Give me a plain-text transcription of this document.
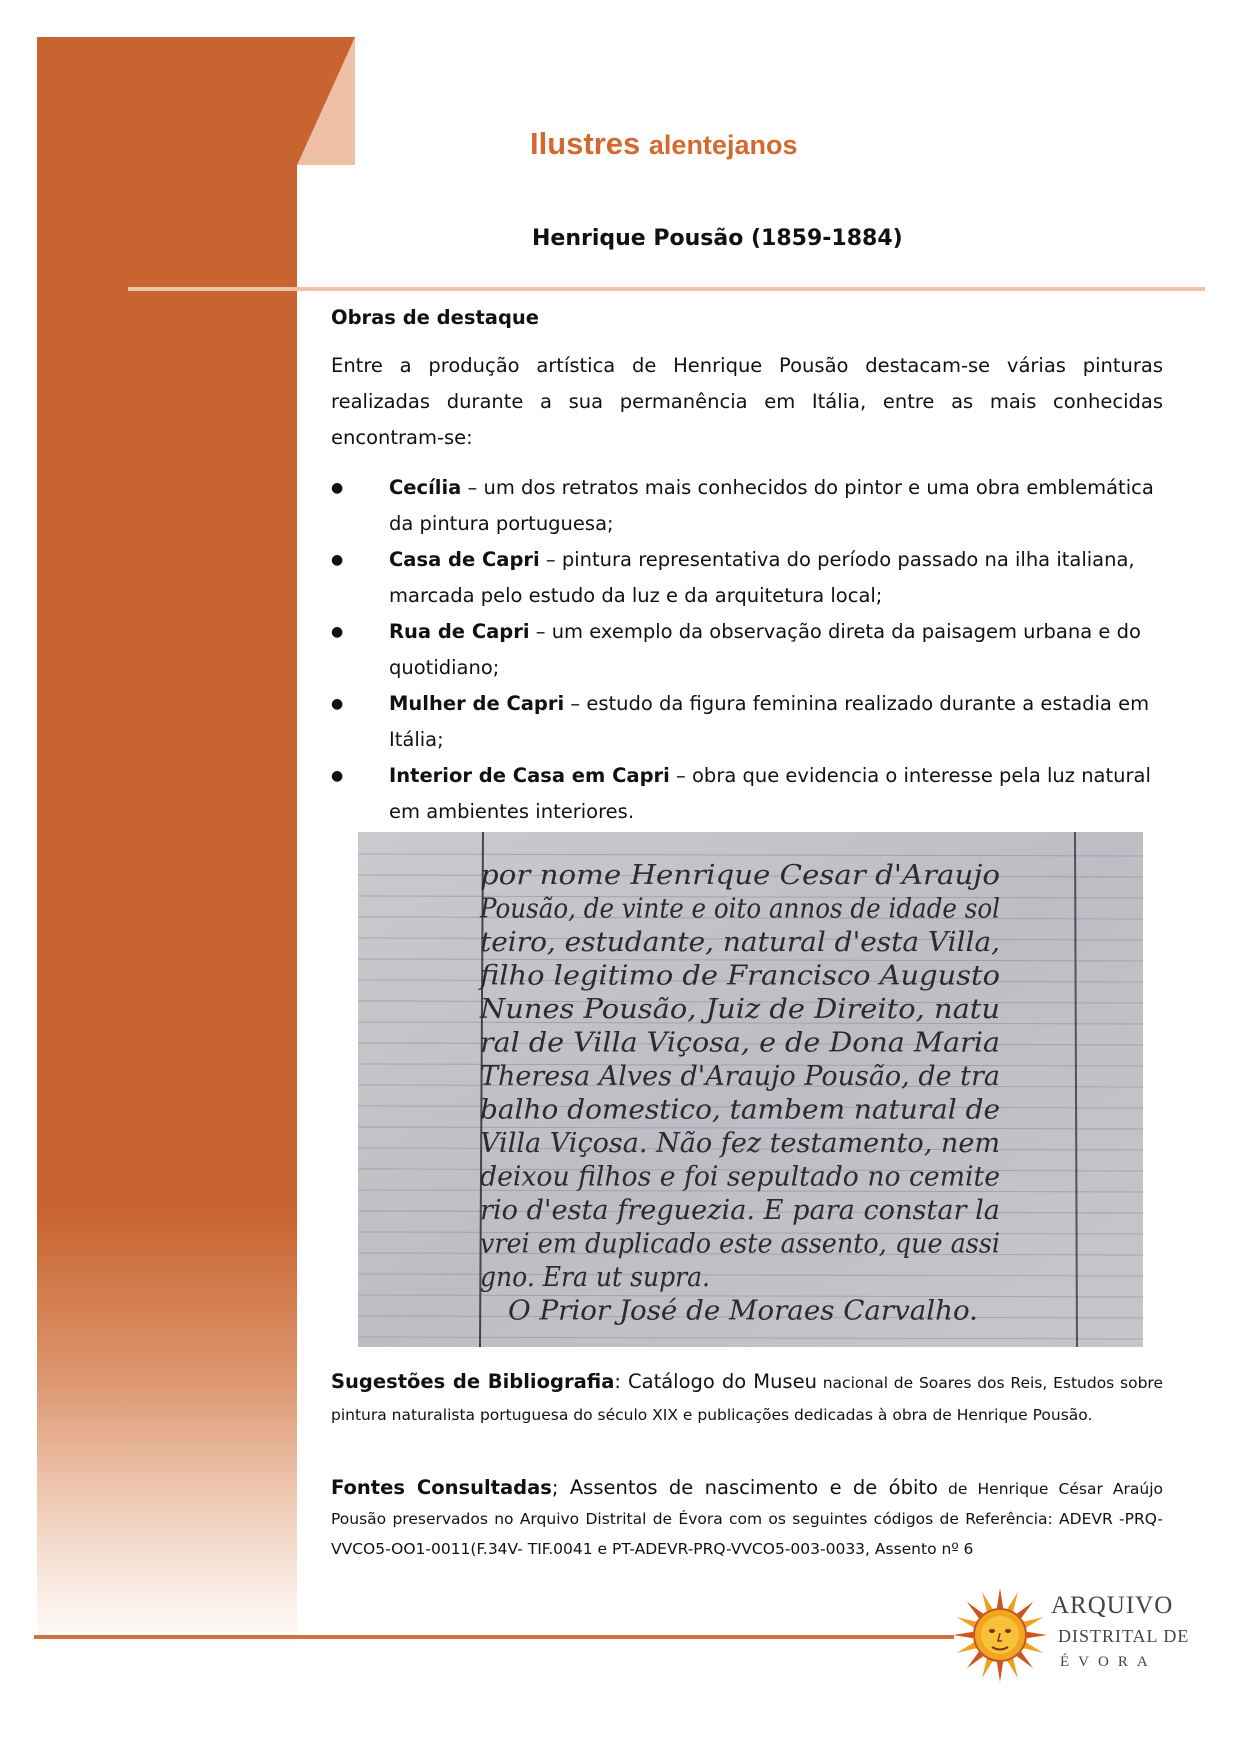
Ilustres alentejanos
Henrique Pousão (1859-1884)
Obras de destaque

Entre a produção artística de Henrique Pousão destacam-se várias pinturas realizadas durante a sua permanência em Itália, entre as mais conhecidas encontram-se:

● Cecília – um dos retratos mais conhecidos do pintor e uma obra emblemática da pintura portuguesa;
● Casa de Capri – pintura representativa do período passado na ilha italiana, marcada pelo estudo da luz e da arquitetura local;
● Rua de Capri – um exemplo da observação direta da paisagem urbana e do quotidiano;
● Mulher de Capri – estudo da figura feminina realizado durante a estadia em Itália;
● Interior de Casa em Capri – obra que evidencia o interesse pela luz natural em ambientes interiores.
por nome Henrique Cesar d'Araujo
Pousão, de vinte e oito annos de idade sol
teiro, estudante, natural d'esta Villa,
filho legitimo de Francisco Augusto
Nunes Pousão, Juiz de Direito, natu
ral de Villa Viçosa, e de Dona Maria
Theresa Alves d'Araujo Pousão, de tra
balho domestico, tambem natural de
Villa Viçosa. Não fez testamento, nem
deixou filhos e foi sepultado no cemite
rio d'esta freguezia. E para constar la
vrei em duplicado este assento, que assi
gno. Era ut supra.
O Prior José de Moraes Carvalho.
Sugestões de Bibliografia: Catálogo do Museu nacional de Soares dos Reis, Estudos sobre pintura naturalista portuguesa do século XIX e publicações dedicadas à obra de Henrique Pousão.
Fontes Consultadas; Assentos de nascimento e de óbito de Henrique César Araújo Pousão preservados no Arquivo Distrital de Évora com os seguintes códigos de Referência: ADEVR -PRQ-VVCO5-OO1-0011(F.34V- TIF.0041 e PT-ADEVR-PRQ-VVCO5-003-0033, Assento nº 6
ARQUIVO
DISTRITAL DE
ÉVORA
